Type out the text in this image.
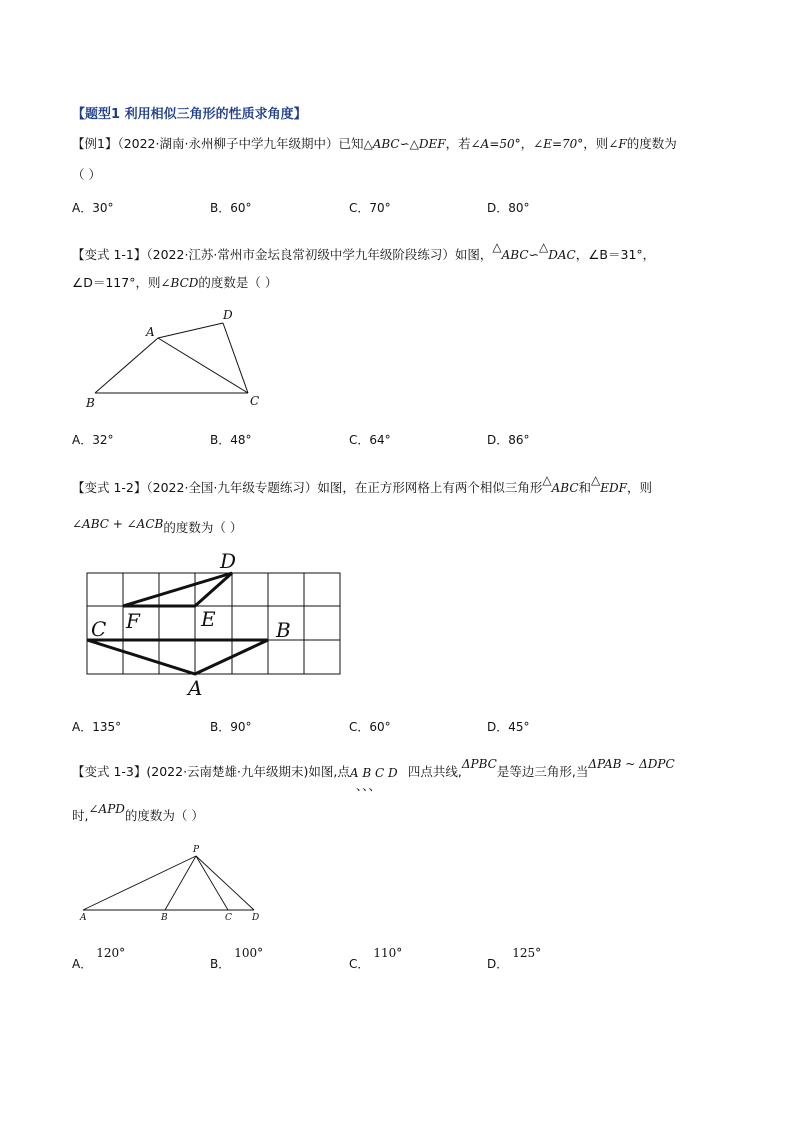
【题型1 利用相似三角形的性质求角度】
【例1】（2022·湖南·永州柳子中学九年级期中）已知△ABC∽△DEF，若∠A=50°，∠E=70°，则∠F的度数为
（ ）
A．30°	B．60°	C．70°	D．80°
【变式 1-1】（2022·江苏·常州市金坛良常初级中学九年级阶段练习）如图，△ABC∽△DAC，∠B＝31°，
∠D＝117°，则∠BCD的度数是（ ）
A
D
B	C
A．32°	B．48°	C．64°	D．86°
【变式 1-2】（2022·全国·九年级专题练习）如图，在正方形网格上有两个相似三角形△ABC和△EDF，则
∠ABC + ∠ACB的度数为（ ）
D
F	E
C	B
A
A．135°	B．90°	C．60°	D．45°
【变式 1-3】(2022·云南楚雄·九年级期末)如图,点 A B C D
、、、
四点共线,ΔPBC是等边三角形,当ΔPAB ~ ΔDPC
时,∠APD的度数为（ ）
P
A	B	C D
A．120°
B．100°
C．110°
D．125°
